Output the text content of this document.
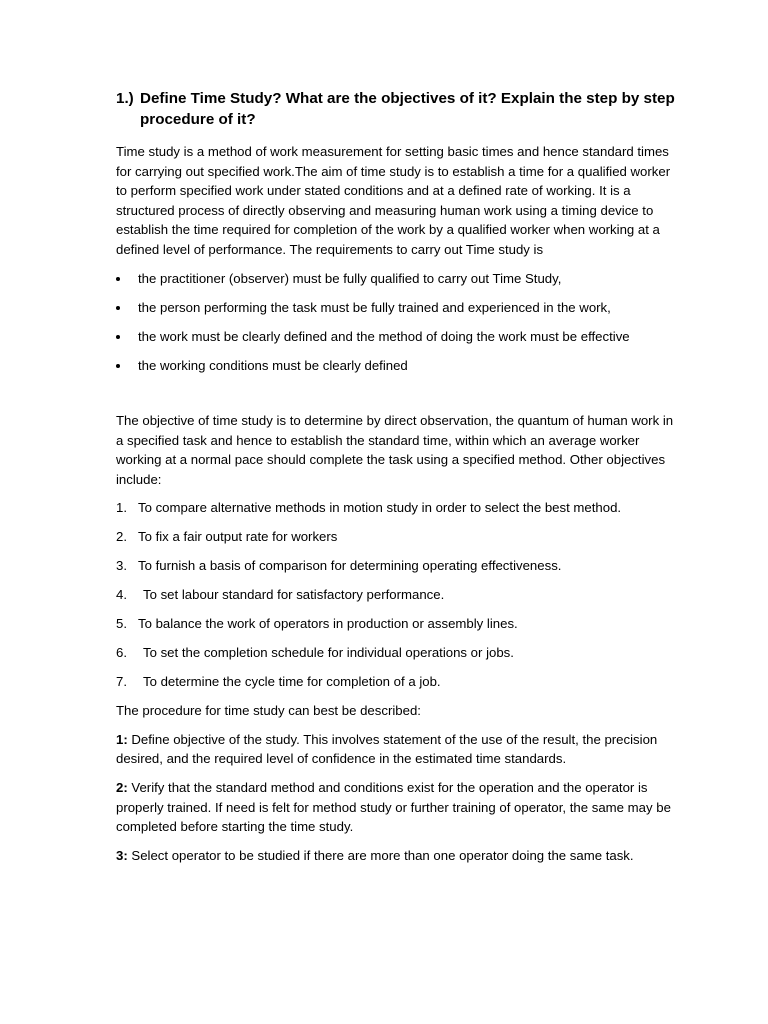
1.) Define Time Study? What are the objectives of it? Explain the step by step procedure of it?

Time study is a method of work measurement for setting basic times and hence standard times for carrying out specified work.The aim of time study is to establish a time for a qualified worker to perform specified work under stated conditions and at a defined rate of working. It is a structured process of directly observing and measuring human work using a timing device to establish the time required for completion of the work by a qualified worker when working at a defined level of performance. The requirements to carry out Time study is

the practitioner (observer) must be fully qualified to carry out Time Study,
the person performing the task must be fully trained and experienced in the work,
the work must be clearly defined and the method of doing the work must be effective
the working conditions must be clearly defined

The objective of time study is to determine by direct observation, the quantum of human work in a specified task and hence to establish the standard time, within which an average worker working at a normal pace should complete the task using a specified method. Other objectives include:

1. To compare alternative methods in motion study in order to select the best method.
2. To fix a fair output rate for workers
3. To furnish a basis of comparison for determining operating effectiveness.
4.	To set labour standard for satisfactory performance.
5. To balance the work of operators in production or assembly lines.
6.	To set the completion schedule for individual operations or jobs.
7.	To determine the cycle time for completion of a job.

The procedure for time study can best be described:

1: Define objective of the study. This involves statement of the use of the result, the precision desired, and the required level of confidence in the estimated time standards.

2: Verify that the standard method and conditions exist for the operation and the operator is properly trained. If need is felt for method study or further training of operator, the same may be completed before starting the time study.

3: Select operator to be studied if there are more than one operator doing the same task.
